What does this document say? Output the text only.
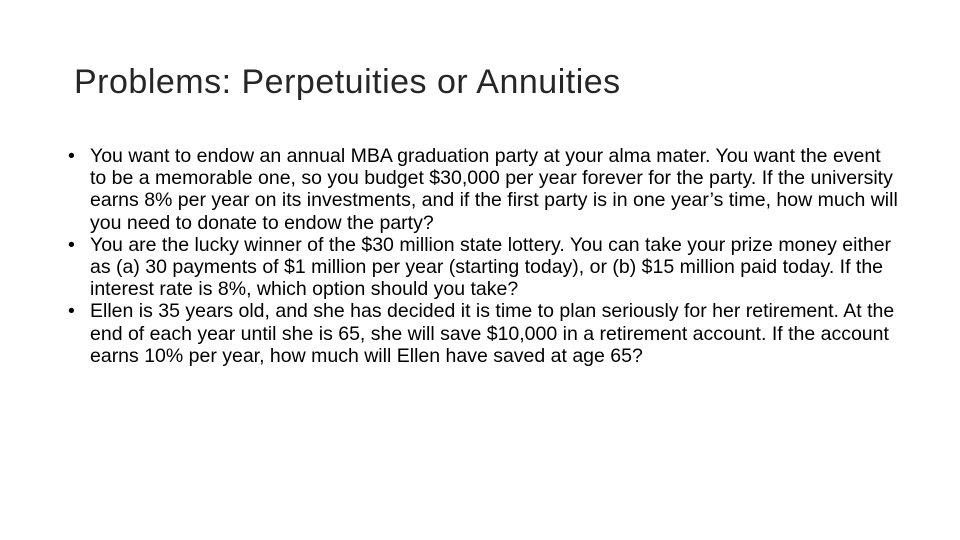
Problems: Perpetuities or Annuities
• You want to endow an annual MBA graduation party at your alma mater. You want the event to be a memorable one, so you budget $30,000 per year forever for the party. If the university earns 8% per year on its investments, and if the first party is in one year’s time, how much will you need to donate to endow the party?
• You are the lucky winner of the $30 million state lottery. You can take your prize money either as (a) 30 payments of $1 million per year (starting today), or (b) $15 million paid today. If the interest rate is 8%, which option should you take?
• Ellen is 35 years old, and she has decided it is time to plan seriously for her retirement. At the end of each year until she is 65, she will save $10,000 in a retirement account. If the account earns 10% per year, how much will Ellen have saved at age 65?
